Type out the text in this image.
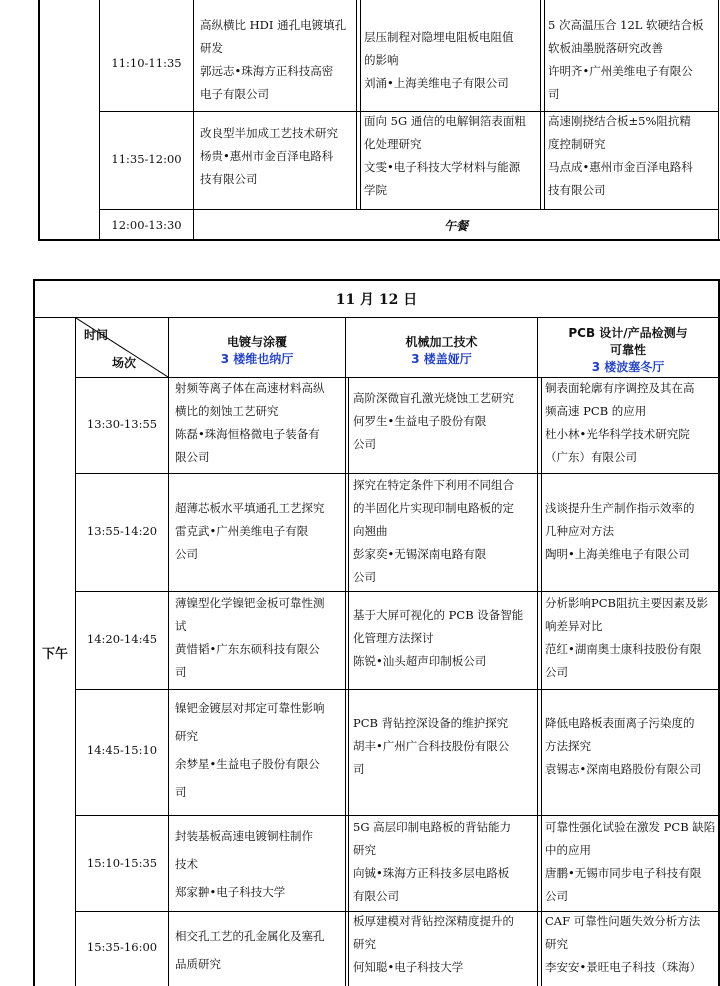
11:10-11:35
11:35-12:00
12:00-13:30	午餐
高纵横比 HDI 通孔电镀填孔
研发
郭远志•珠海方正科技高密
电子有限公司
层压制程对隐埋电阻板电阻值
的影响
刘涌•上海美维电子有限公司
5 次高温压合 12L 软硬结合板
软板油墨脱落研究改善
许明齐•广州美维电子有限公
司
改良型半加成工艺技术研究
杨贵•惠州市金百泽电路科
技有限公司
面向 5G 通信的电解铜箔表面粗
化处理研究
文雯•电子科技大学材料与能源
学院
高速刚挠结合板±5%阻抗精
度控制研究
马点成•惠州市金百泽电路科
技有限公司
11 月 12 日
时间
场次
电镀与涂覆
3 楼维也纳厅
机械加工技术
3 楼盖娅厅
PCB 设计/产品检测与
可靠性
3 楼波塞冬厅
下午
13:30-13:55
13:55-14:20
14:20-14:45
14:45-15:10
15:10-15:35
15:35-16:00
射频等离子体在高速材料高纵
横比的刻蚀工艺研究
陈磊•珠海恒格微电子装备有
限公司
高阶深微盲孔激光烧蚀工艺研究
何罗生•生益电子股份有限
公司
铜表面轮廓有序调控及其在高
频高速 PCB 的应用
杜小林•光华科学技术研究院
（广东）有限公司
超薄芯板水平填通孔工艺探究
雷克武•广州美维电子有限
公司
探究在特定条件下利用不同组合
的半固化片实现印制电路板的定
向翘曲
彭家奕•无锡深南电路有限
公司
浅谈提升生产制作指示效率的
几种应对方法
陶明•上海美维电子有限公司
薄镍型化学镍钯金板可靠性测
试
黄惜韬•广东东硕科技有限公
司
基于大屏可视化的 PCB 设备智能
化管理方法探讨
陈锐•汕头超声印制板公司
分析影响PCB阻抗主要因素及影
响差异对比
范红•湖南奥士康科技股份有限
公司
镍钯金镀层对邦定可靠性影响
研究
余梦星•生益电子股份有限公
司
PCB 背钻控深设备的维护探究
胡丰•广州广合科技股份有限公
司
降低电路板表面离子污染度的
方法探究
袁锡志•深南电路股份有限公司
封装基板高速电镀铜柱制作
技术
郑家翀•电子科技大学
5G 高层印制电路板的背钻能力
研究
向铖•珠海方正科技多层电路板
有限公司
可靠性强化试验在激发 PCB 缺陷
中的应用
唐鹏•无锡市同步电子科技有限
公司
相交孔工艺的孔金属化及塞孔
品质研究
板厚建模对背钻控深精度提升的
研究
何知聪•电子科技大学
CAF 可靠性问题失效分析方法
研究
李安安•景旺电子科技（珠海）
